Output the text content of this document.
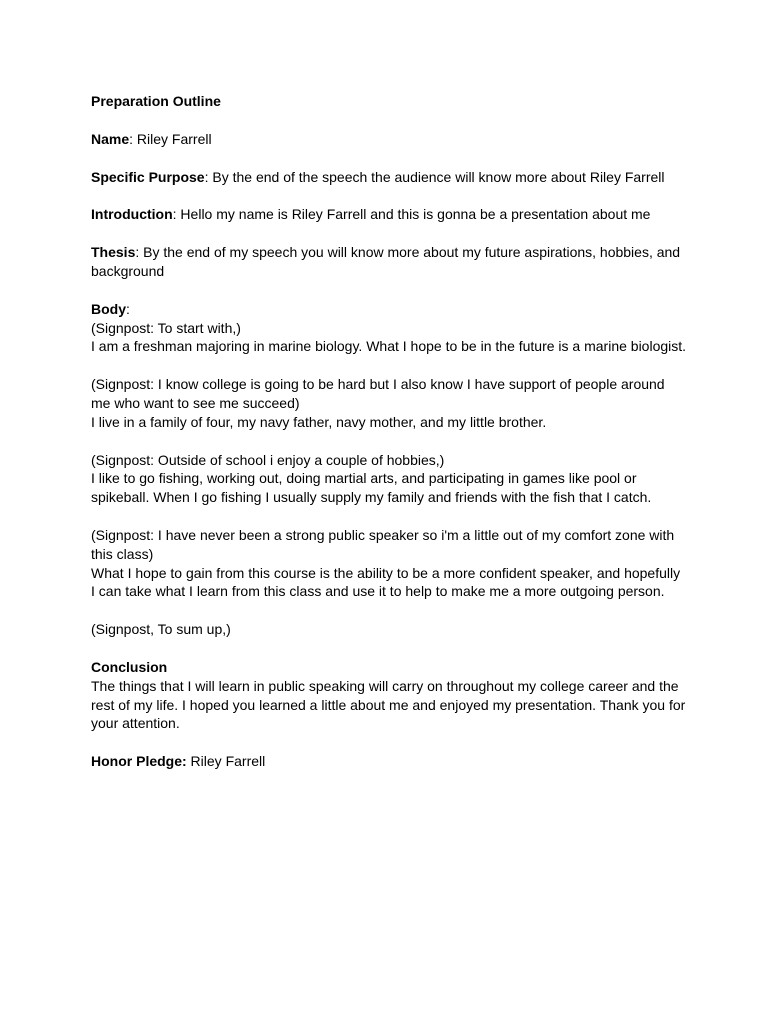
Preparation Outline
Name: Riley Farrell
Specific Purpose: By the end of the speech the audience will know more about Riley Farrell
Introduction: Hello my name is Riley Farrell and this is gonna be a presentation about me
Thesis: By the end of my speech you will know more about my future aspirations, hobbies, and
background
Body:
(Signpost: To start with,)
I am a freshman majoring in marine biology. What I hope to be in the future is a marine biologist.
(Signpost: I know college is going to be hard but I also know I have support of people around
me who want to see me succeed)
I live in a family of four, my navy father, navy mother, and my little brother.
(Signpost: Outside of school i enjoy a couple of hobbies,)
I like to go fishing, working out, doing martial arts, and participating in games like pool or
spikeball. When I go fishing I usually supply my family and friends with the fish that I catch.
(Signpost: I have never been a strong public speaker so i'm a little out of my comfort zone with
this class)
What I hope to gain from this course is the ability to be a more confident speaker, and hopefully
I can take what I learn from this class and use it to help to make me a more outgoing person.
(Signpost, To sum up,)
Conclusion
The things that I will learn in public speaking will carry on throughout my college career and the
rest of my life. I hoped you learned a little about me and enjoyed my presentation. Thank you for
your attention.
Honor Pledge: Riley Farrell
